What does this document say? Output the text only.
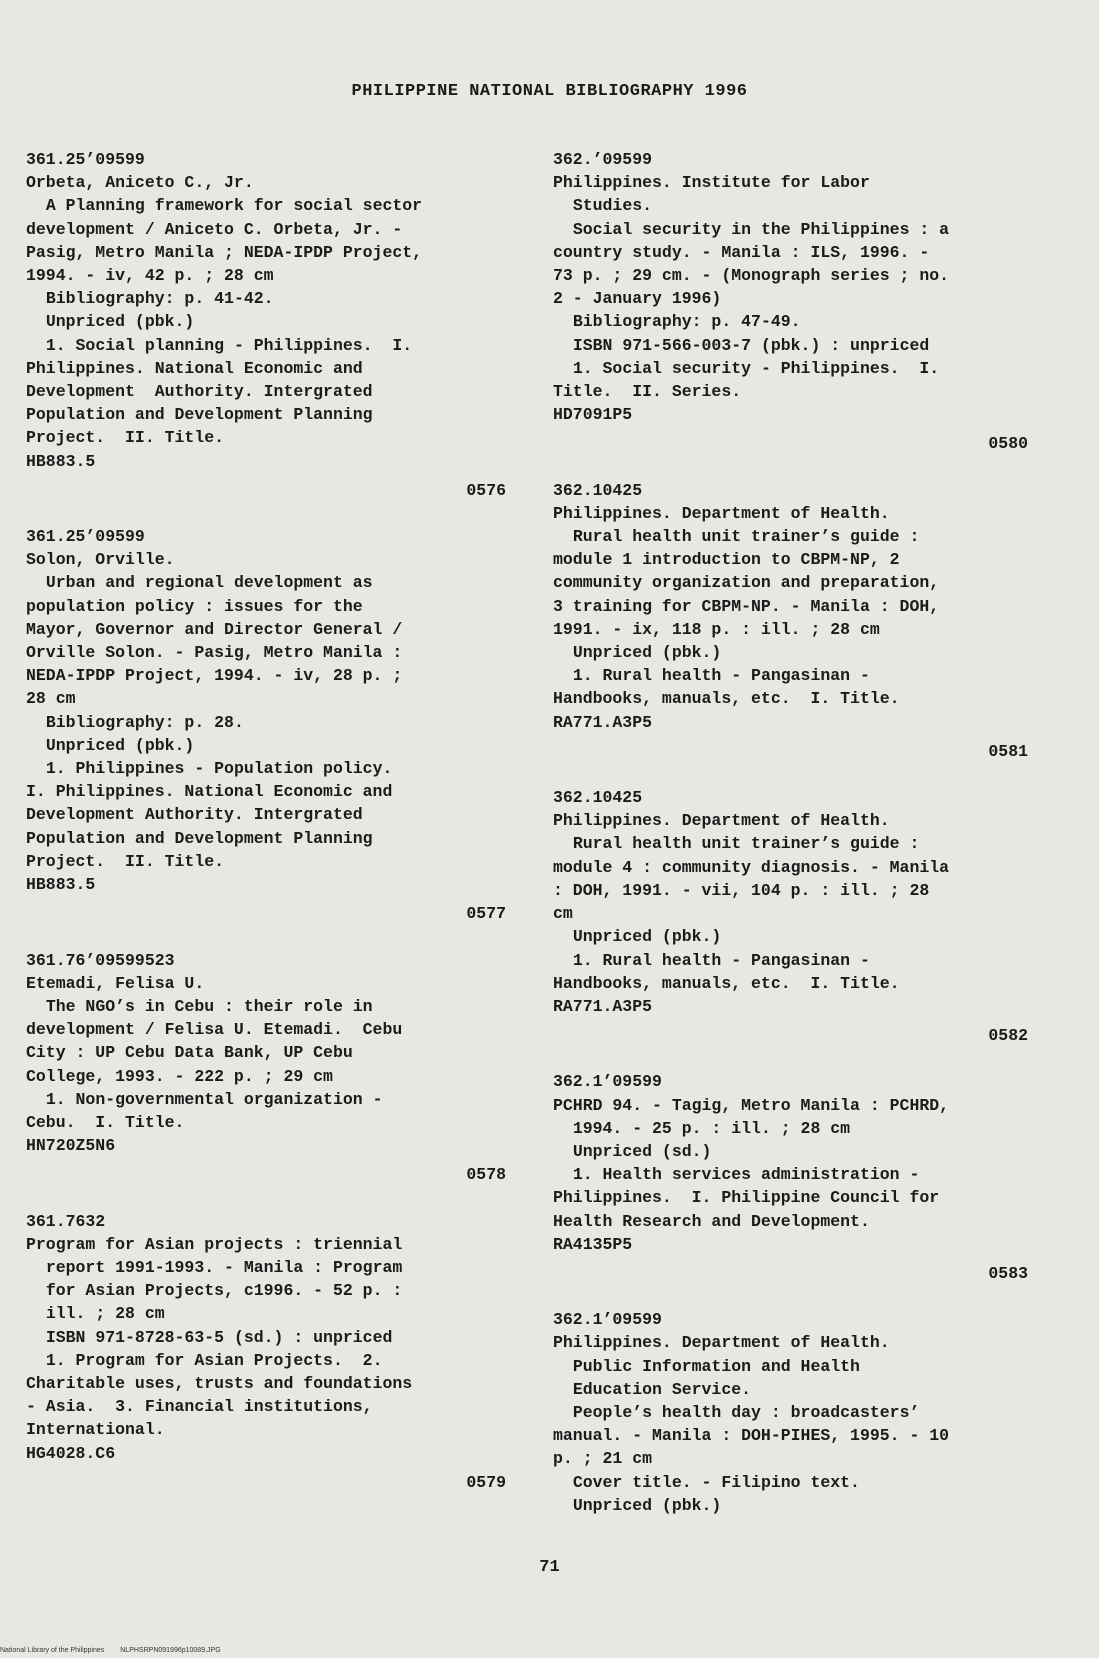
PHILIPPINE NATIONAL BIBLIOGRAPHY 1996

361.25’09599

Orbeta, Aniceto C., Jr.

A Planning framework for social sector

development / Aniceto C. Orbeta, Jr. -

Pasig, Metro Manila ; NEDA-IPDP Project,

1994. - iv, 42 p. ; 28 cm

Bibliography: p. 41-42.

Unpriced (pbk.)

1. Social planning - Philippines.  I.

Philippines. National Economic and

Development  Authority. Intergrated

Population and Development Planning

Project.  II. Title.

HB883.5

0576

361.25’09599

Solon, Orville.

Urban and regional development as

population policy : issues for the

Mayor, Governor and Director General /

Orville Solon. - Pasig, Metro Manila :

NEDA-IPDP Project, 1994. - iv, 28 p. ;

28 cm

Bibliography: p. 28.

Unpriced (pbk.)

1. Philippines - Population policy.

I. Philippines. National Economic and

Development Authority. Intergrated

Population and Development Planning

Project.  II. Title.

HB883.5

0577

361.76’09599523

Etemadi, Felisa U.

The NGO’s in Cebu : their role in

development / Felisa U. Etemadi.  Cebu

City : UP Cebu Data Bank, UP Cebu

College, 1993. - 222 p. ; 29 cm

1. Non-governmental organization -

Cebu.  I. Title.

HN720Z5N6

0578

361.7632

Program for Asian projects : triennial

report 1991-1993. - Manila : Program

for Asian Projects, c1996. - 52 p. :

ill. ; 28 cm

ISBN 971-8728-63-5 (sd.) : unpriced

1. Program for Asian Projects.  2.

Charitable uses, trusts and foundations

- Asia.  3. Financial institutions,

International.

HG4028.C6

0579

362.’09599

Philippines. Institute for Labor

Studies.

Social security in the Philippines : a

country study. - Manila : ILS, 1996. -

73 p. ; 29 cm. - (Monograph series ; no.

2 - January 1996)

Bibliography: p. 47-49.

ISBN 971-566-003-7 (pbk.) : unpriced

1. Social security - Philippines.  I.

Title.  II. Series.

HD7091P5

0580

362.10425

Philippines. Department of Health.

Rural health unit trainer’s guide :

module 1 introduction to CBPM-NP, 2

community organization and preparation,

3 training for CBPM-NP. - Manila : DOH,

1991. - ix, 118 p. : ill. ; 28 cm

Unpriced (pbk.)

1. Rural health - Pangasinan -

Handbooks, manuals, etc.  I. Title.

RA771.A3P5

0581

362.10425

Philippines. Department of Health.

Rural health unit trainer’s guide :

module 4 : community diagnosis. - Manila

: DOH, 1991. - vii, 104 p. : ill. ; 28

cm

Unpriced (pbk.)

1. Rural health - Pangasinan -

Handbooks, manuals, etc.  I. Title.

RA771.A3P5

0582

362.1’09599

PCHRD 94. - Tagig, Metro Manila : PCHRD,

1994. - 25 p. : ill. ; 28 cm

Unpriced (sd.)

1. Health services administration -

Philippines.  I. Philippine Council for

Health Research and Development.

RA4135P5

0583

362.1’09599

Philippines. Department of Health.

Public Information and Health

Education Service.

People’s health day : broadcasters’

manual. - Manila : DOH-PIHES, 1995. - 10

p. ; 21 cm

Cover title. - Filipino text.

Unpriced (pbk.)

71
National Library of the Philippines NLPHSRPN091996p10089.JPG
